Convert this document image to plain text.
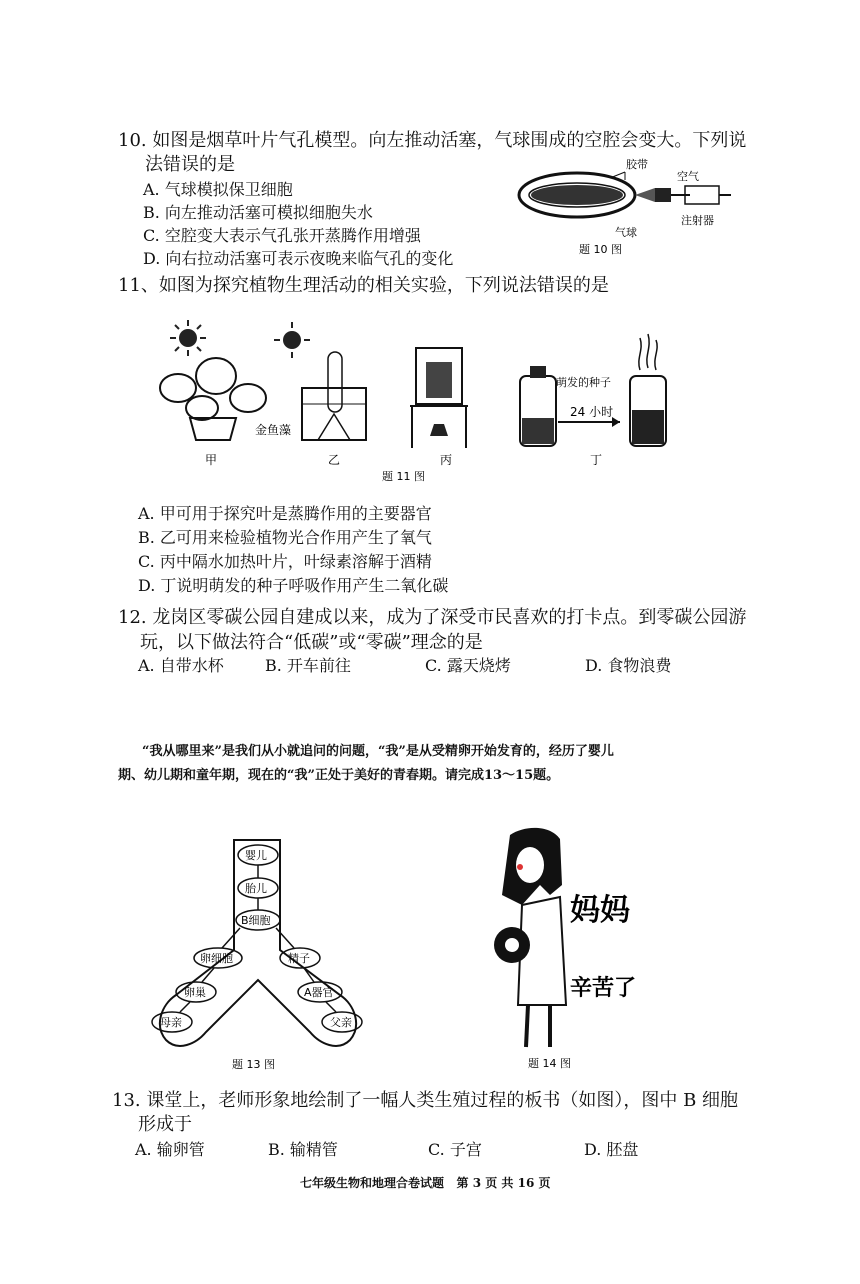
10. 如图是烟草叶片气孔模型。向左推动活塞，气球围成的空腔会变大。下列说
法错误的是
A. 气球模拟保卫细胞
B. 向左推动活塞可模拟细胞失水
C. 空腔变大表示气孔张开蒸腾作用增强
D. 向右拉动活塞可表示夜晚来临气孔的变化
胶带
空气
注射器
气球
题 10 图
11、如图为探究植物生理活动的相关实验，下列说法错误的是
甲
金鱼藻
乙	丙
萌发的种子
24 小时
丁
题 11 图
A. 甲可用于探究叶是蒸腾作用的主要器官
B. 乙可用来检验植物光合作用产生了氧气
C. 丙中隔水加热叶片，叶绿素溶解于酒精
D. 丁说明萌发的种子呼吸作用产生二氧化碳
12. 龙岗区零碳公园自建成以来，成为了深受市民喜欢的打卡点。到零碳公园游
玩，以下做法符合“低碳”或“零碳”理念的是
A. 自带水杯	B. 开车前往	C. 露天烧烤	D. 食物浪费
“我从哪里来”是我们从小就追问的问题，“我”是从受精卵开始发育的，经历了婴儿
期、幼儿期和童年期，现在的“我”正处于美好的青春期。请完成13～15题。
婴儿
胎儿
B细胞
卵细胞	精子
卵巢	A器官
母亲	父亲
题 13 图
妈妈
辛苦了
题 14 图
13. 课堂上，老师形象地绘制了一幅人类生殖过程的板书（如图），图中 B 细胞
形成于
A. 输卵管	B. 输精管	C. 子宫	D. 胚盘
七年级生物和地理合卷试题   第 3 页 共 16 页
